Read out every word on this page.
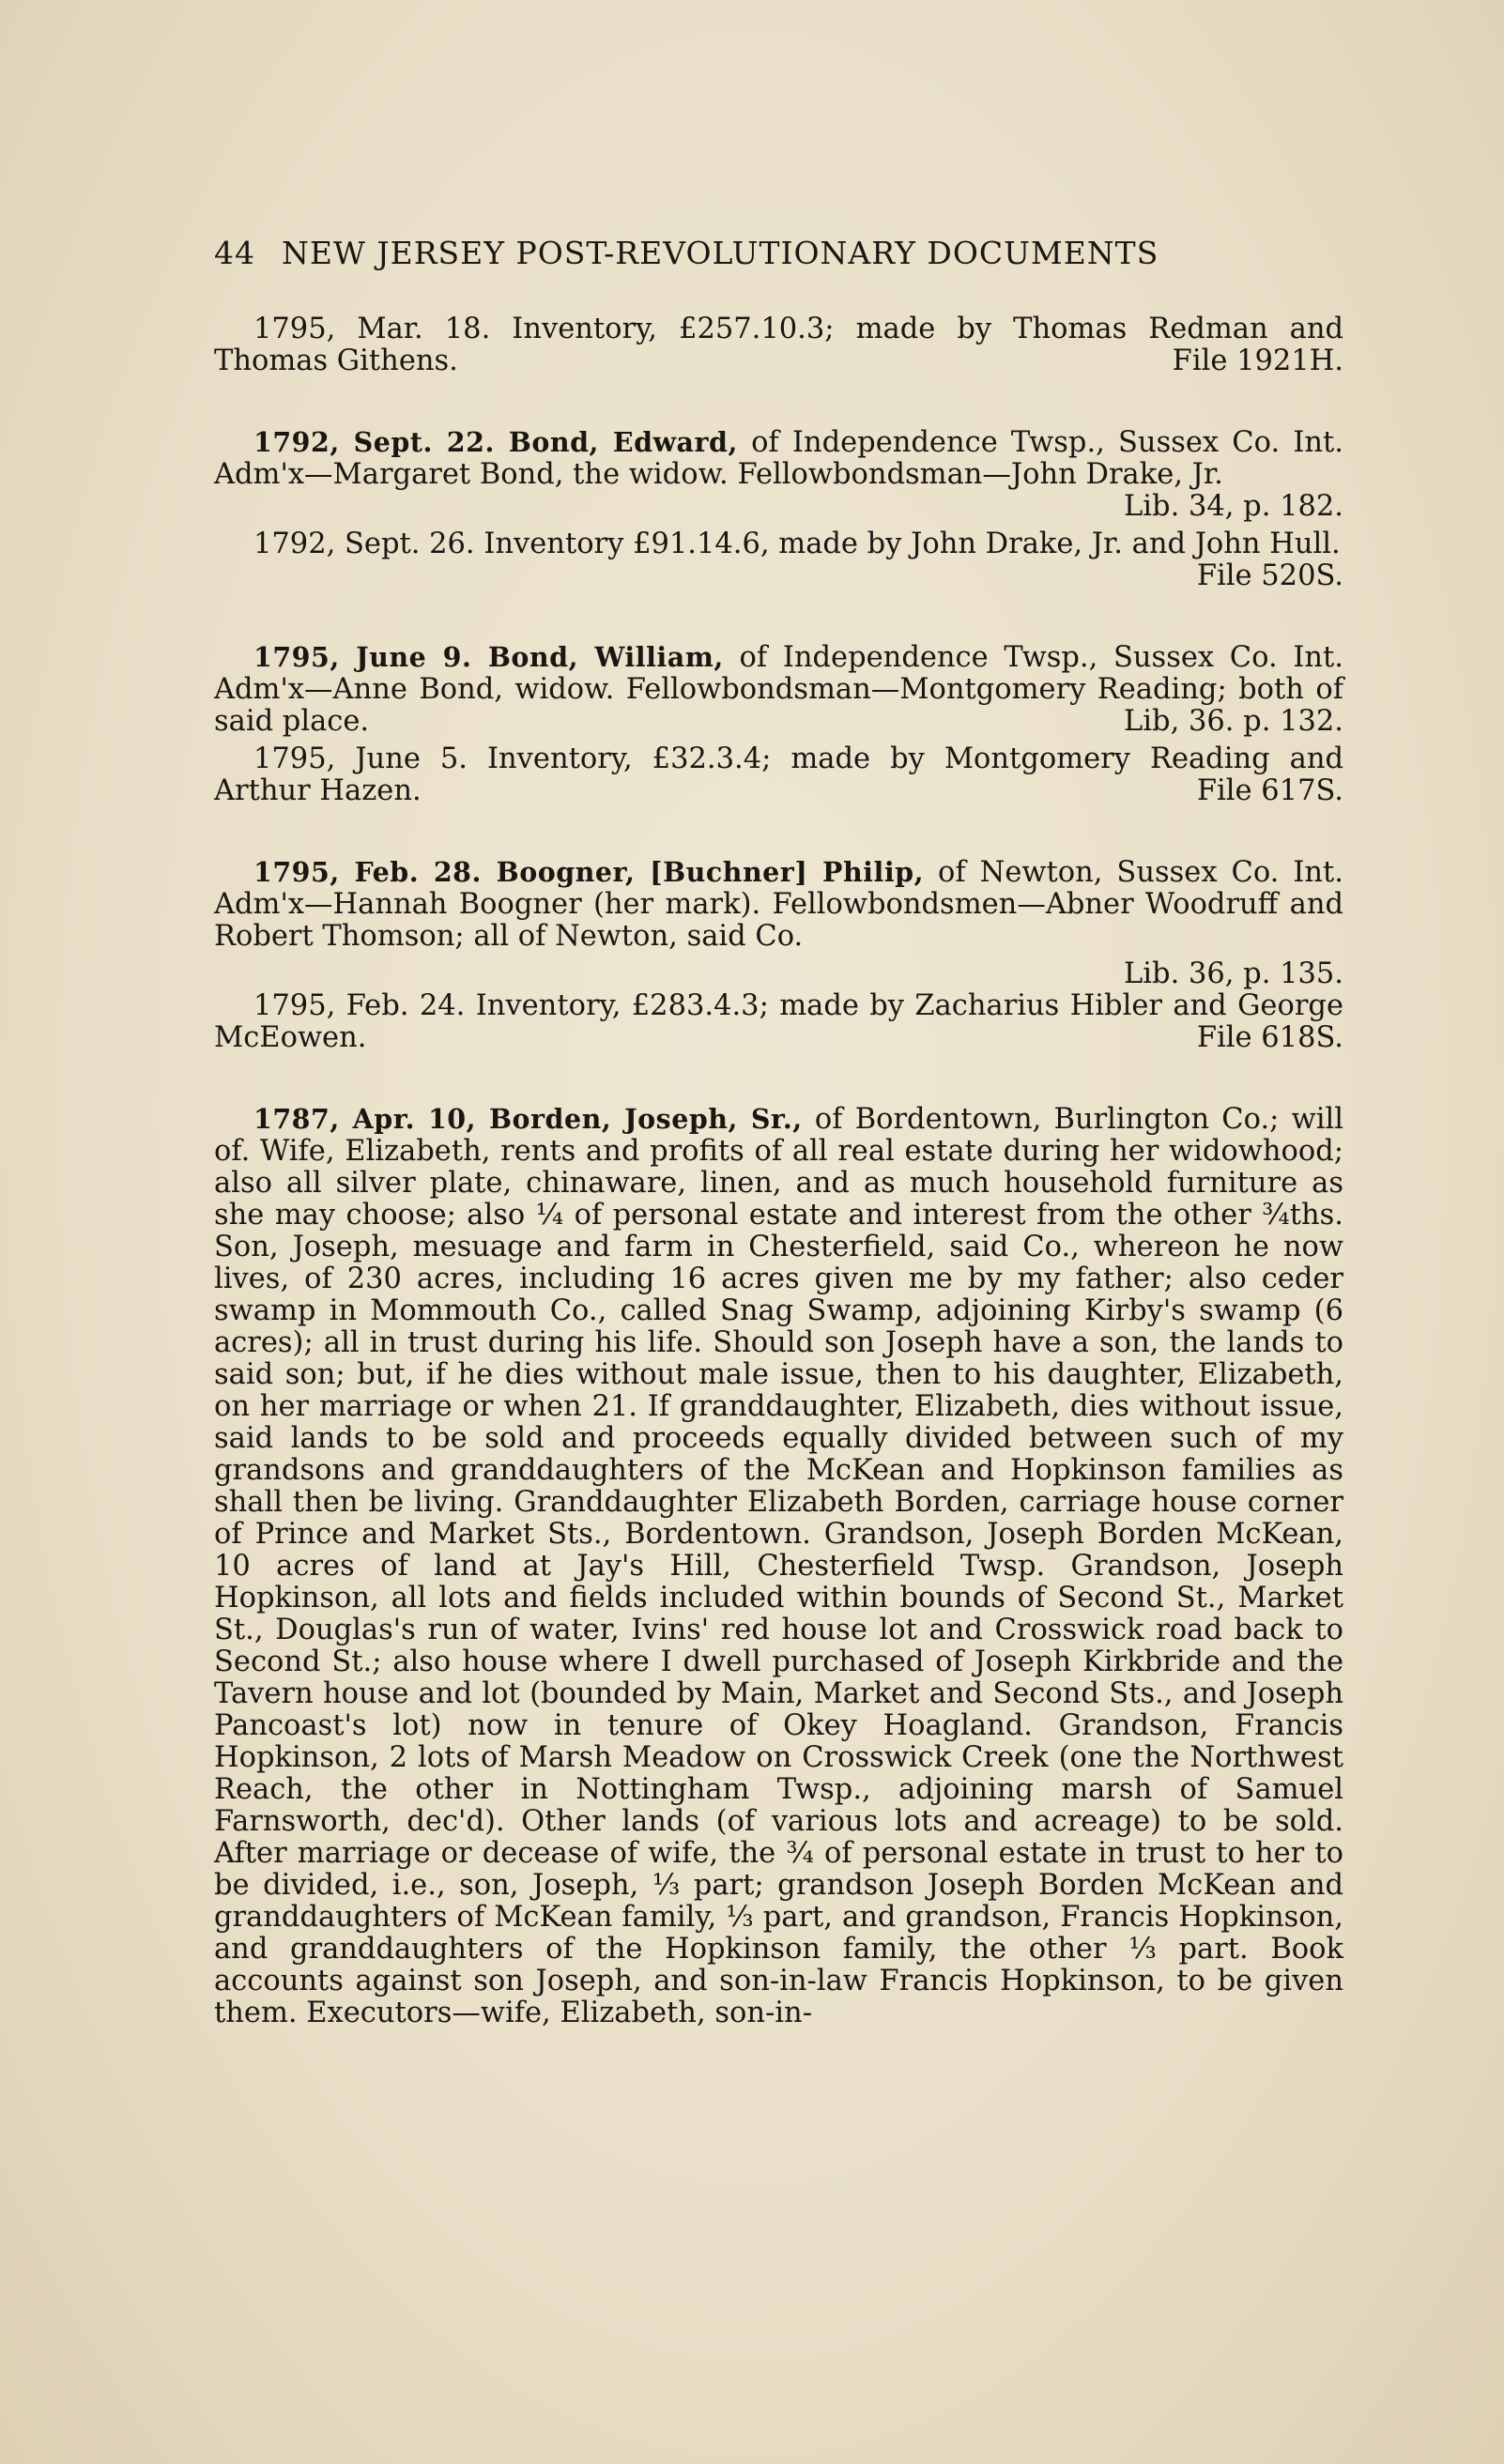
44 NEW JERSEY POST-REVOLUTIONARY DOCUMENTS

1795, Mar. 18. Inventory, £257.10.3; made by Thomas Redman and Thomas Githens.	File 1921H.

1792, Sept. 22. Bond, Edward, of Independence Twsp., Sussex Co. Int. Adm'x—Margaret Bond, the widow. Fellowbondsman—John Drake, Jr.
Lib. 34, p. 182.

1792, Sept. 26. Inventory £91.14.6, made by John Drake, Jr. and John Hull.
File 520S.

1795, June 9. Bond, William, of Independence Twsp., Sussex Co. Int. Adm'x—Anne Bond, widow. Fellowbondsman—Montgomery Reading; both of said place.	Lib, 36. p. 132.

1795, June 5. Inventory, £32.3.4; made by Montgomery Reading and Arthur Hazen.	File 617S.

1795, Feb. 28. Boogner, [Buchner] Philip, of Newton, Sussex Co. Int. Adm'x—Hannah Boogner (her mark). Fellowbondsmen—Abner Woodruff and Robert Thomson; all of Newton, said Co.

Lib. 36, p. 135.

1795, Feb. 24. Inventory, £283.4.3; made by Zacharius Hibler and George McEowen.	File 618S.

1787, Apr. 10, Borden, Joseph, Sr., of Bordentown, Burlington Co.; will of. Wife, Elizabeth, rents and profits of all real estate during her widowhood; also all silver plate, chinaware, linen, and as much household furniture as she may choose; also ¼ of personal estate and interest from the other ¾ths. Son, Joseph, mesuage and farm in Chesterfield, said Co., whereon he now lives, of 230 acres, including 16 acres given me by my father; also ceder swamp in Mommouth Co., called Snag Swamp, adjoining Kirby's swamp (6 acres); all in trust during his life. Should son Joseph have a son, the lands to said son; but, if he dies without male issue, then to his daughter, Elizabeth, on her marriage or when 21. If granddaughter, Elizabeth, dies without issue, said lands to be sold and proceeds equally divided between such of my grandsons and granddaughters of the McKean and Hopkinson families as shall then be living. Granddaughter Elizabeth Borden, carriage house corner of Prince and Market Sts., Bordentown. Grandson, Joseph Borden McKean, 10 acres of land at Jay's Hill, Chesterfield Twsp. Grandson, Joseph Hopkinson, all lots and fields included within bounds of Second St., Market St., Douglas's run of water, Ivins' red house lot and Crosswick road back to Second St.; also house where I dwell purchased of Joseph Kirkbride and the Tavern house and lot (bounded by Main, Market and Second Sts., and Joseph Pancoast's lot) now in tenure of Okey Hoagland. Grandson, Francis Hopkinson, 2 lots of Marsh Meadow on Crosswick Creek (one the Northwest Reach, the other in Nottingham Twsp., adjoining marsh of Samuel Farnsworth, dec'd). Other lands (of various lots and acreage) to be sold. After marriage or decease of wife, the ¾ of personal estate in trust to her to be divided, i.e., son, Joseph, ⅓ part; grandson Joseph Borden McKean and granddaughters of McKean family, ⅓ part, and grandson, Francis Hopkinson, and granddaughters of the Hopkinson family, the other ⅓ part. Book accounts against son Joseph, and son-in-law Francis Hopkinson, to be given them. Executors—wife, Elizabeth, son-in-
